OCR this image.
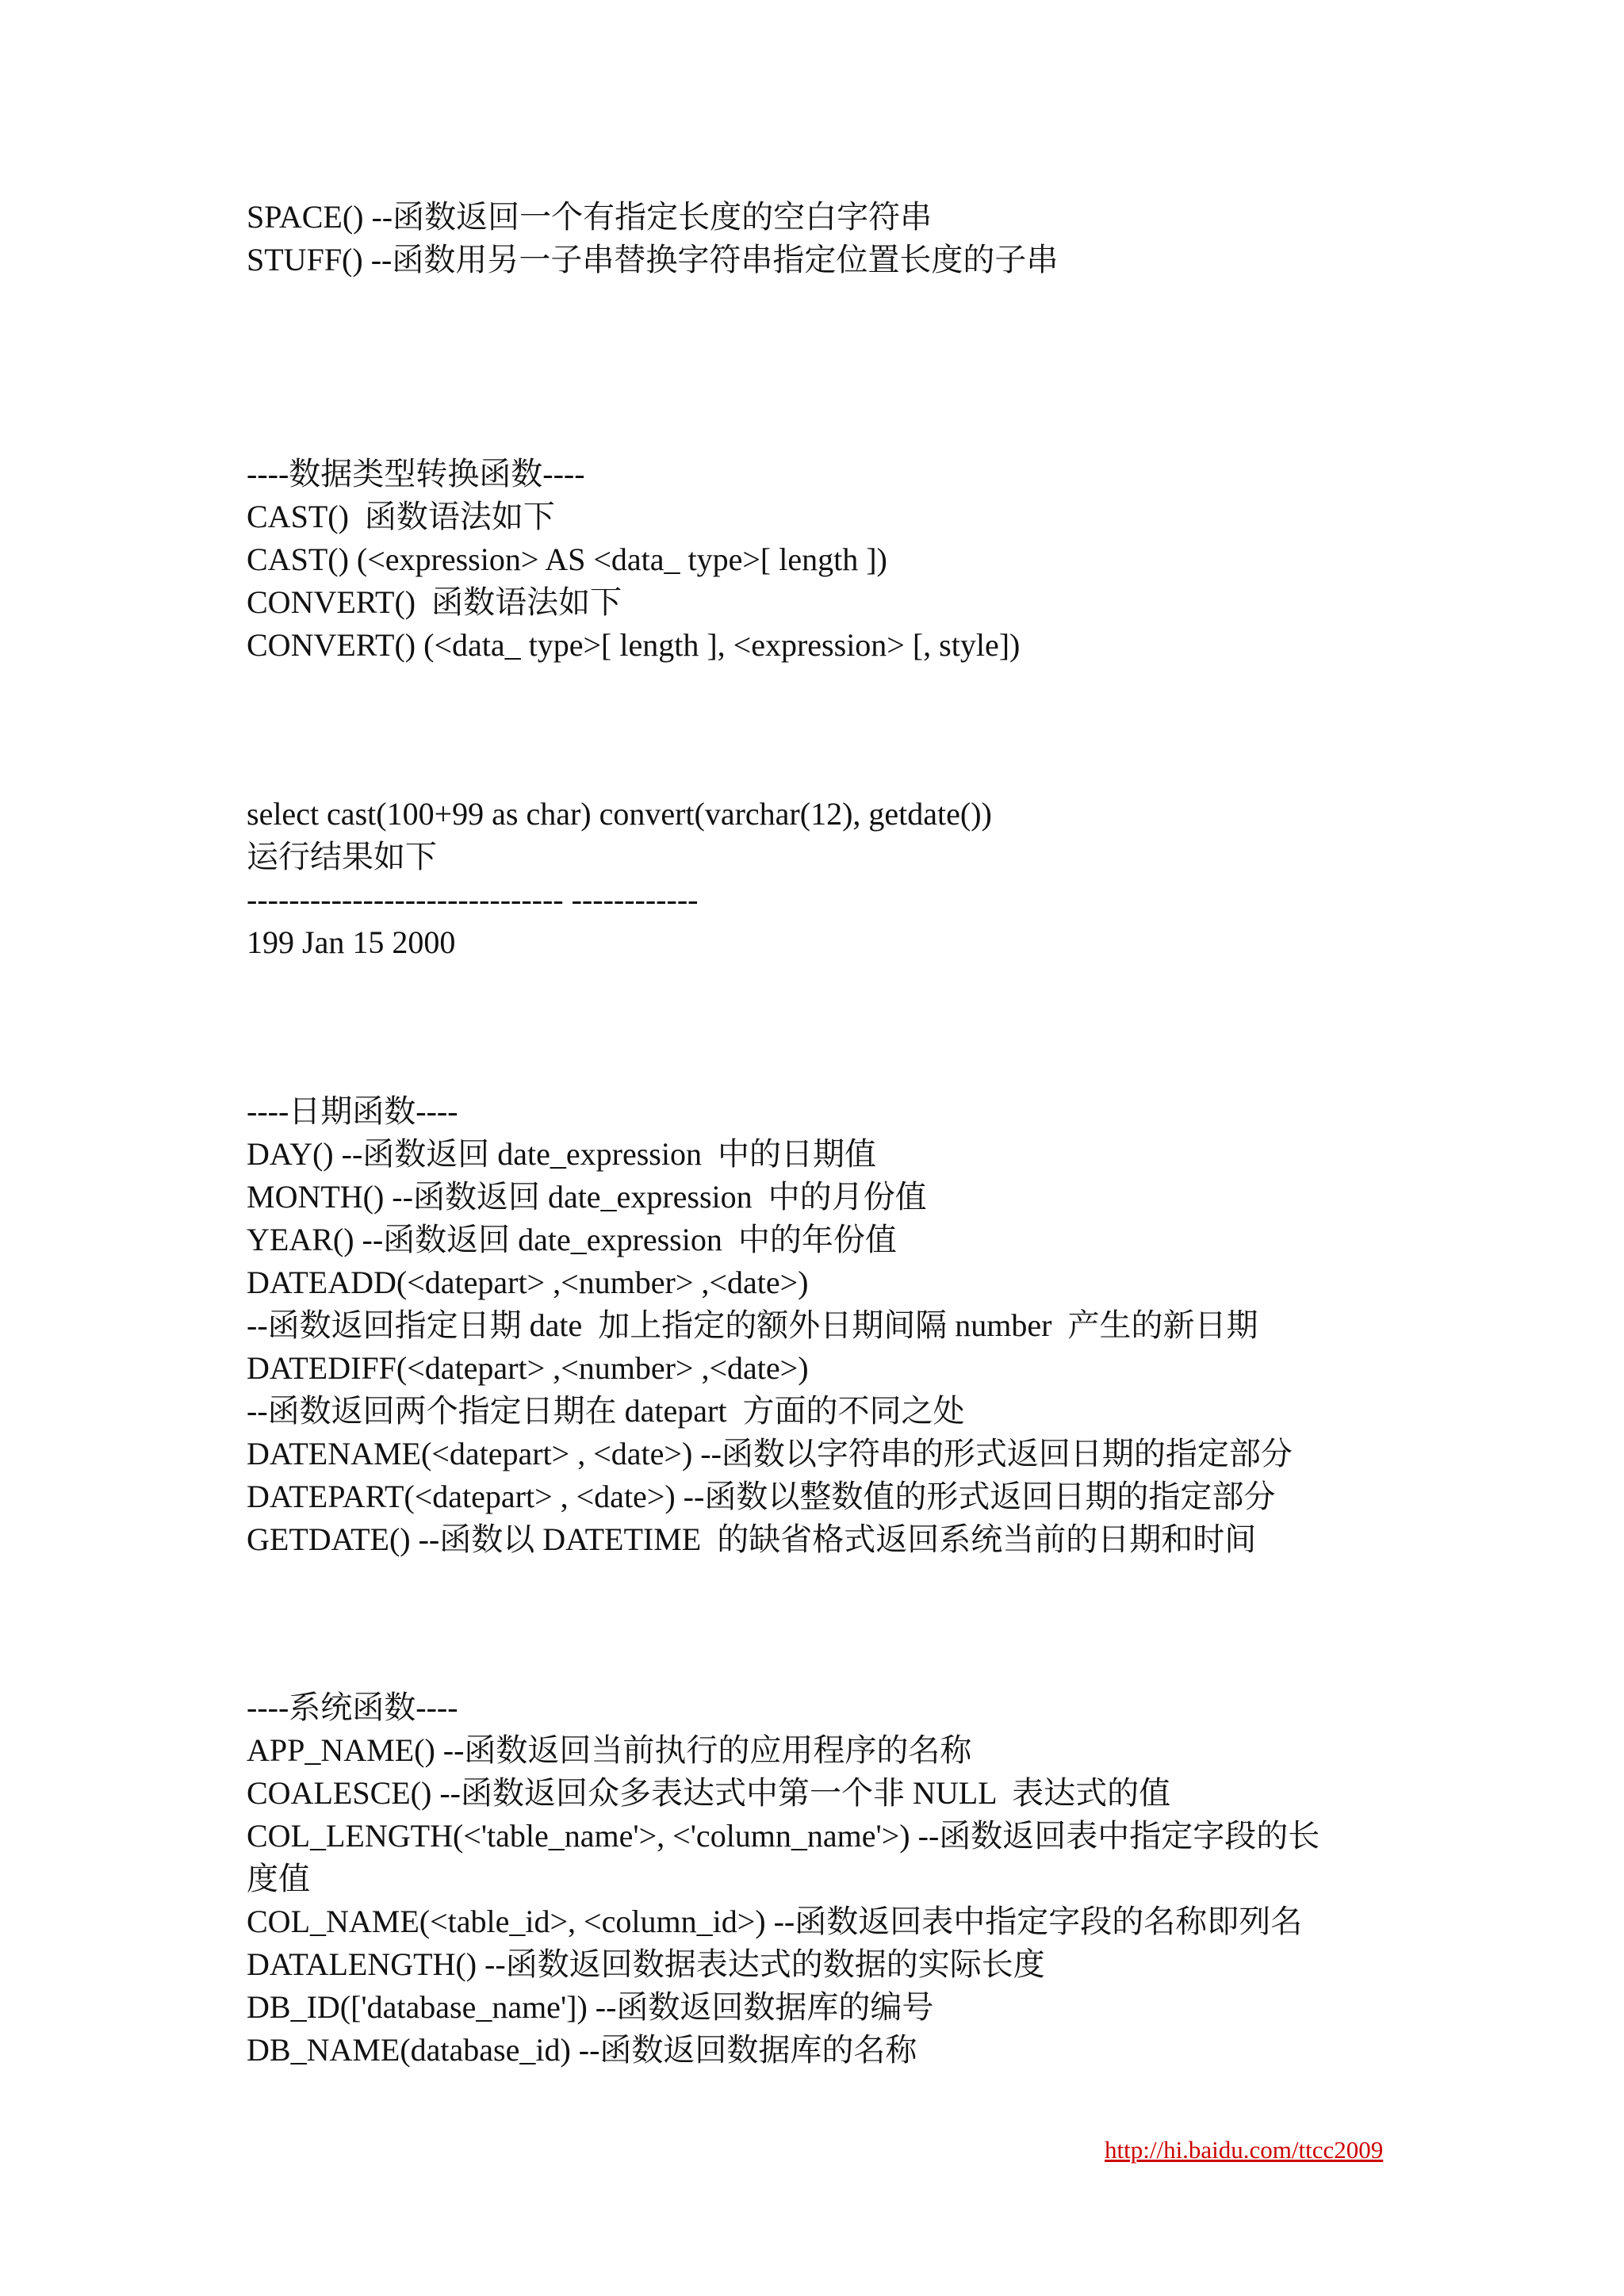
SPACE() --函数返回一个有指定长度的空白字符串
STUFF() --函数用另一子串替换字符串指定位置长度的子串
----数据类型转换函数----
CAST()  函数语法如下
CAST() (<expression> AS <data_ type>[ length ])
CONVERT()  函数语法如下
CONVERT() (<data_ type>[ length ], <expression> [, style])
select cast(100+99 as char) convert(varchar(12), getdate())
运行结果如下
------------------------------ ------------
199 Jan 15 2000
----日期函数----
DAY() --函数返回 date_expression  中的日期值
MONTH() --函数返回 date_expression  中的月份值
YEAR() --函数返回 date_expression  中的年份值
DATEADD(<datepart> ,<number> ,<date>)
--函数返回指定日期 date  加上指定的额外日期间隔 number  产生的新日期
DATEDIFF(<datepart> ,<number> ,<date>)
--函数返回两个指定日期在 datepart  方面的不同之处
DATENAME(<datepart> , <date>) --函数以字符串的形式返回日期的指定部分
DATEPART(<datepart> , <date>) --函数以整数值的形式返回日期的指定部分
GETDATE() --函数以 DATETIME  的缺省格式返回系统当前的日期和时间
----系统函数----
APP_NAME() --函数返回当前执行的应用程序的名称
COALESCE() --函数返回众多表达式中第一个非 NULL  表达式的值
COL_LENGTH(<'table_name'>, <'column_name'>) --函数返回表中指定字段的长
度值
COL_NAME(<table_id>, <column_id>) --函数返回表中指定字段的名称即列名
DATALENGTH() --函数返回数据表达式的数据的实际长度
DB_ID(['database_name']) --函数返回数据库的编号
DB_NAME(database_id) --函数返回数据库的名称
http://hi.baidu.com/ttcc2009
